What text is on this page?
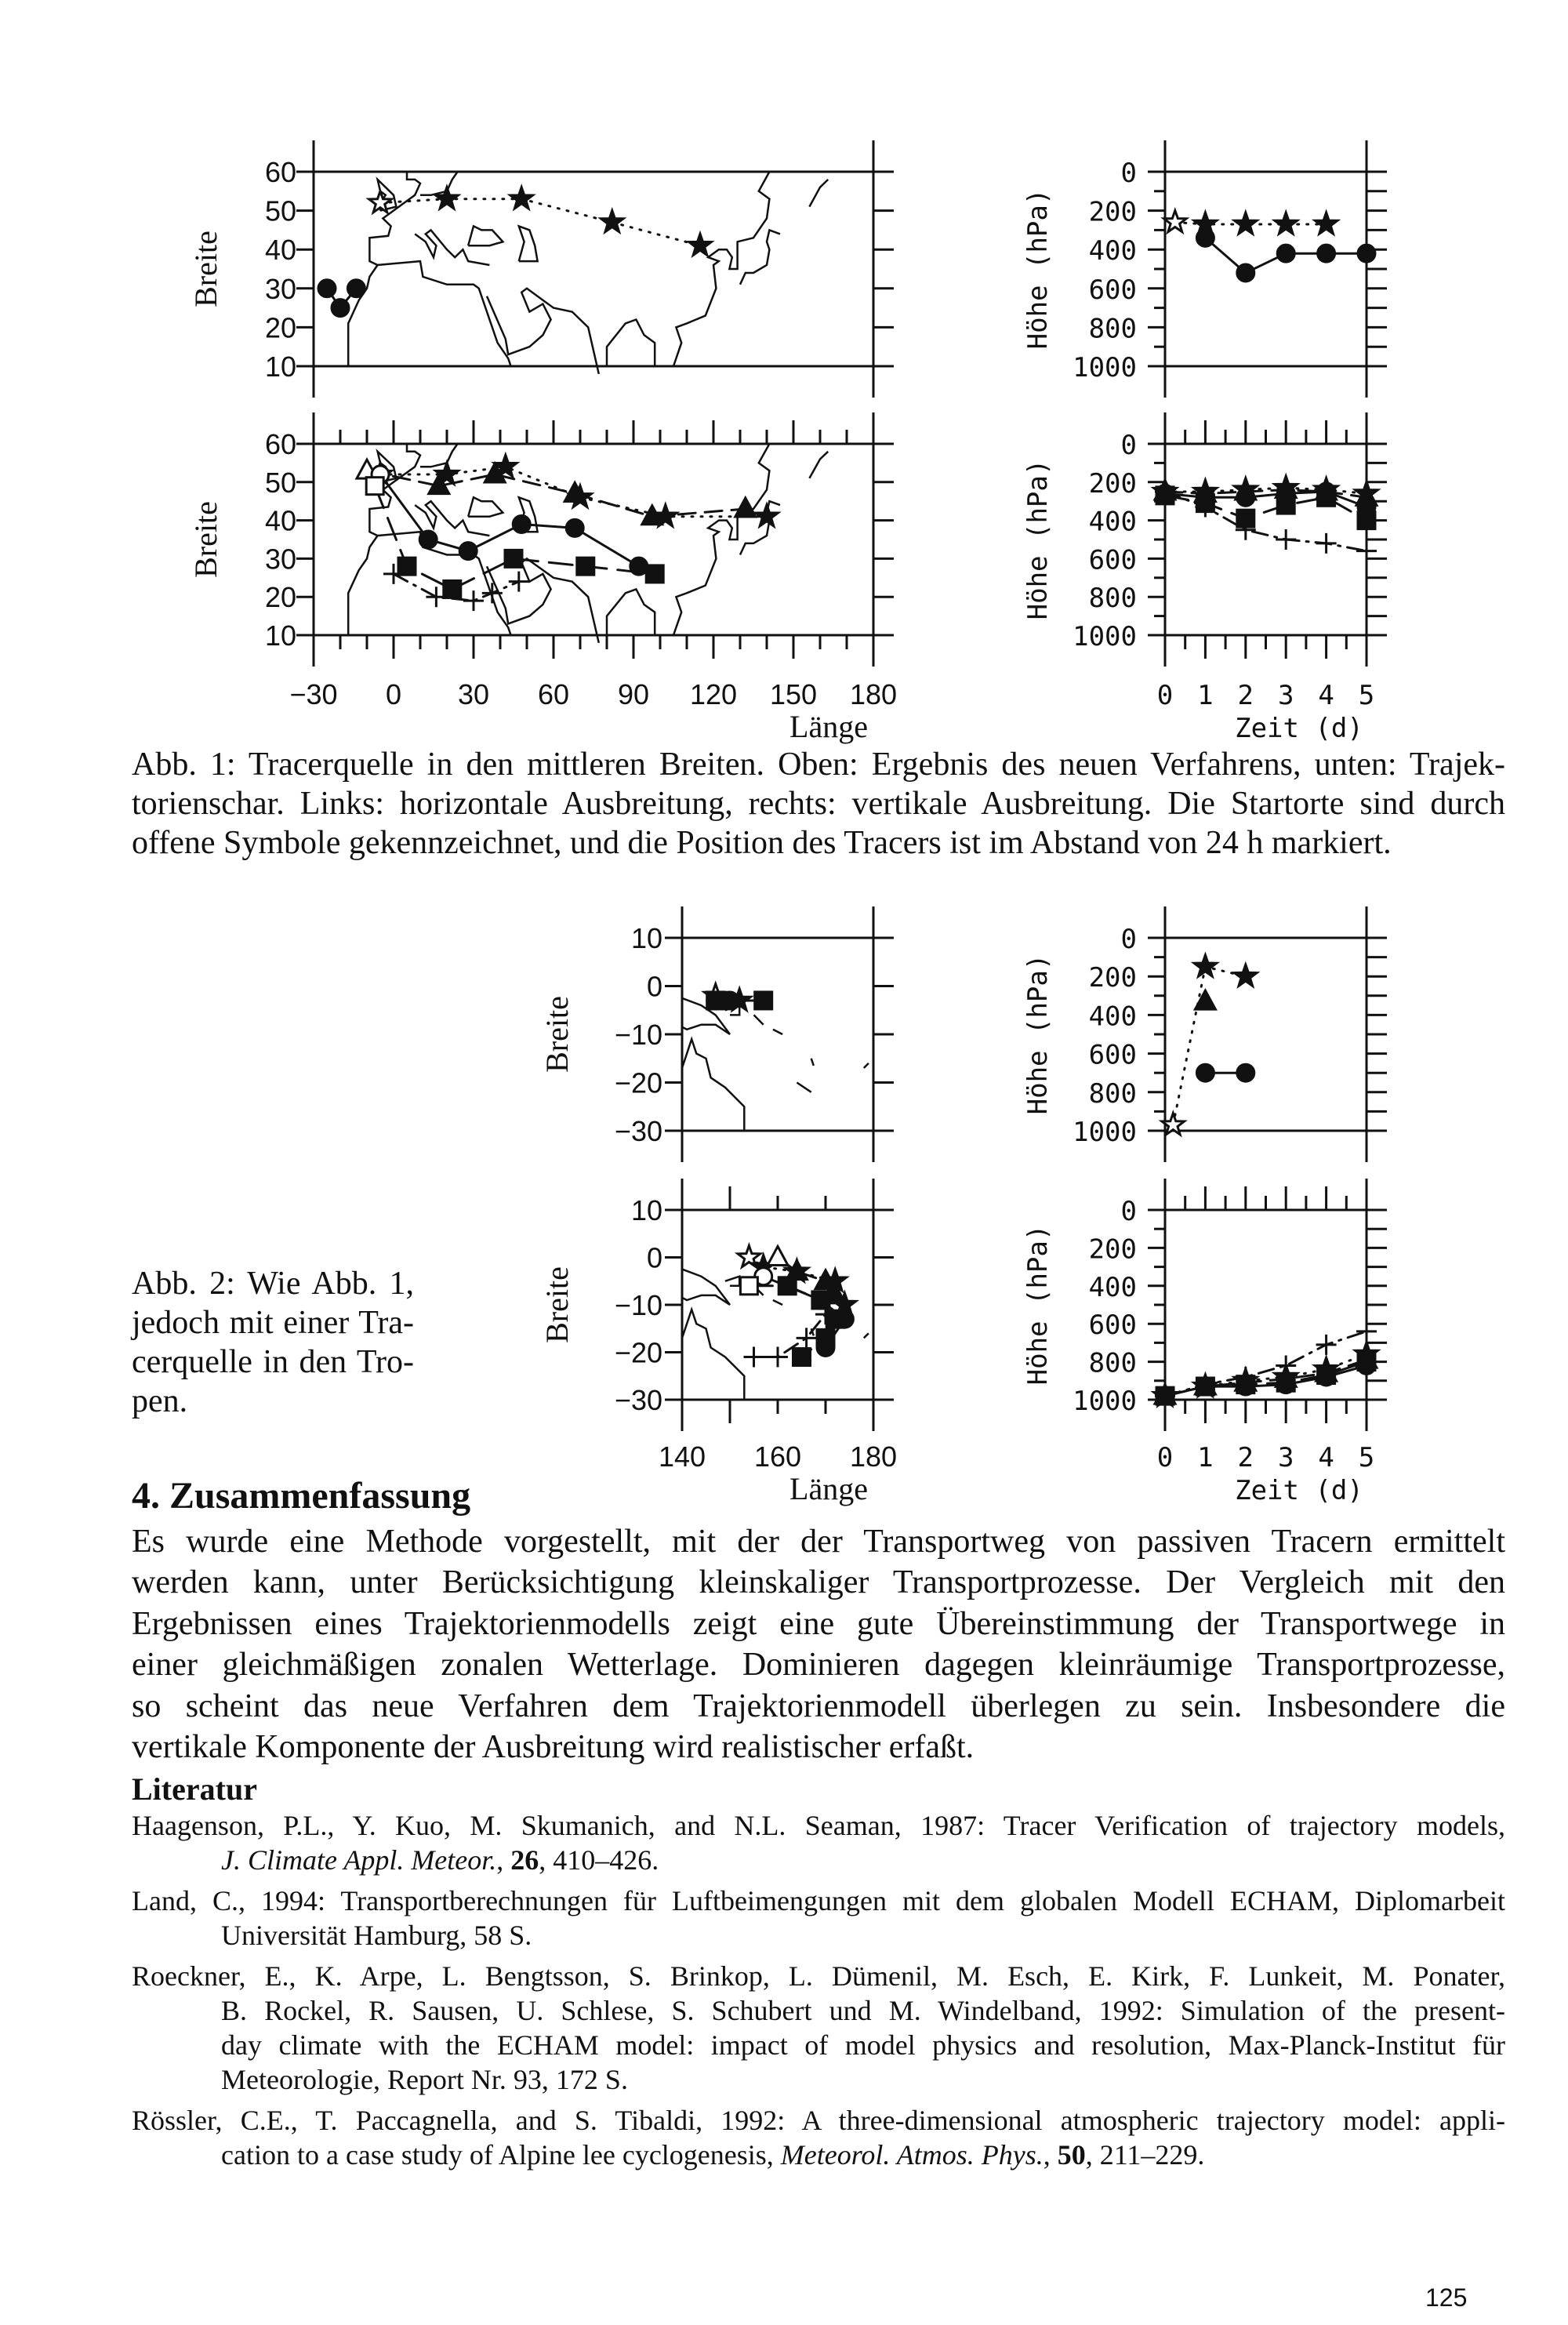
60
50
40
30
20
10
Breite
60
50
40
30
20
10
Breite
−30 0 30 60 90 120 150 180
Länge
0
200
400
600
800
1000
Höhe (hPa)
0
200
400
600
800
1000
Höhe (hPa)
0 1 2 3 4 5
Zeit (d)
10
0
−10
−20
−30
Breite
10
0
−10
−20
−30
Breite
140 160 180
Länge
0
200
400
600
800
1000
Höhe (hPa)
0
200
400
600
800
1000
Höhe (hPa)
0 1 2 3 4 5
Zeit (d)
Abb. 1: Tracerquelle in den mittleren Breiten. Oben: Ergebnis des neuen Verfahrens, unten: Trajek-
torienschar. Links: horizontale Ausbreitung, rechts: vertikale Ausbreitung. Die Startorte sind durch
offene Symbole gekennzeichnet, und die Position des Tracers ist im Abstand von 24 h markiert.
Abb. 2: Wie Abb. 1,
jedoch mit einer Tra-
cerquelle in den Tro-
pen.
4. Zusammenfassung
Es wurde eine Methode vorgestellt, mit der der Transportweg von passiven Tracern ermittelt
werden kann, unter Berücksichtigung kleinskaliger Transportprozesse. Der Vergleich mit den
Ergebnissen eines Trajektorienmodells zeigt eine gute Übereinstimmung der Transportwege in
einer gleichmäßigen zonalen Wetterlage. Dominieren dagegen kleinräumige Transportprozesse,
so scheint das neue Verfahren dem Trajektorienmodell überlegen zu sein. Insbesondere die
vertikale Komponente der Ausbreitung wird realistischer erfaßt.
Literatur
Haagenson, P.L., Y. Kuo, M. Skumanich, and N.L. Seaman, 1987: Tracer Verification of trajectory models,
J. Climate Appl. Meteor., 26, 410–426.
Land, C., 1994: Transportberechnungen für Luftbeimengungen mit dem globalen Modell ECHAM, Diplomarbeit
Universität Hamburg, 58 S.
Roeckner, E., K. Arpe, L. Bengtsson, S. Brinkop, L. Dümenil, M. Esch, E. Kirk, F. Lunkeit, M. Ponater,
B. Rockel, R. Sausen, U. Schlese, S. Schubert und M. Windelband, 1992: Simulation of the present-
day climate with the ECHAM model: impact of model physics and resolution, Max-Planck-Institut für
Meteorologie, Report Nr. 93, 172 S.
Rössler, C.E., T. Paccagnella, and S. Tibaldi, 1992: A three-dimensional atmospheric trajectory model: appli-
cation to a case study of Alpine lee cyclogenesis, Meteorol. Atmos. Phys., 50, 211–229.
125
